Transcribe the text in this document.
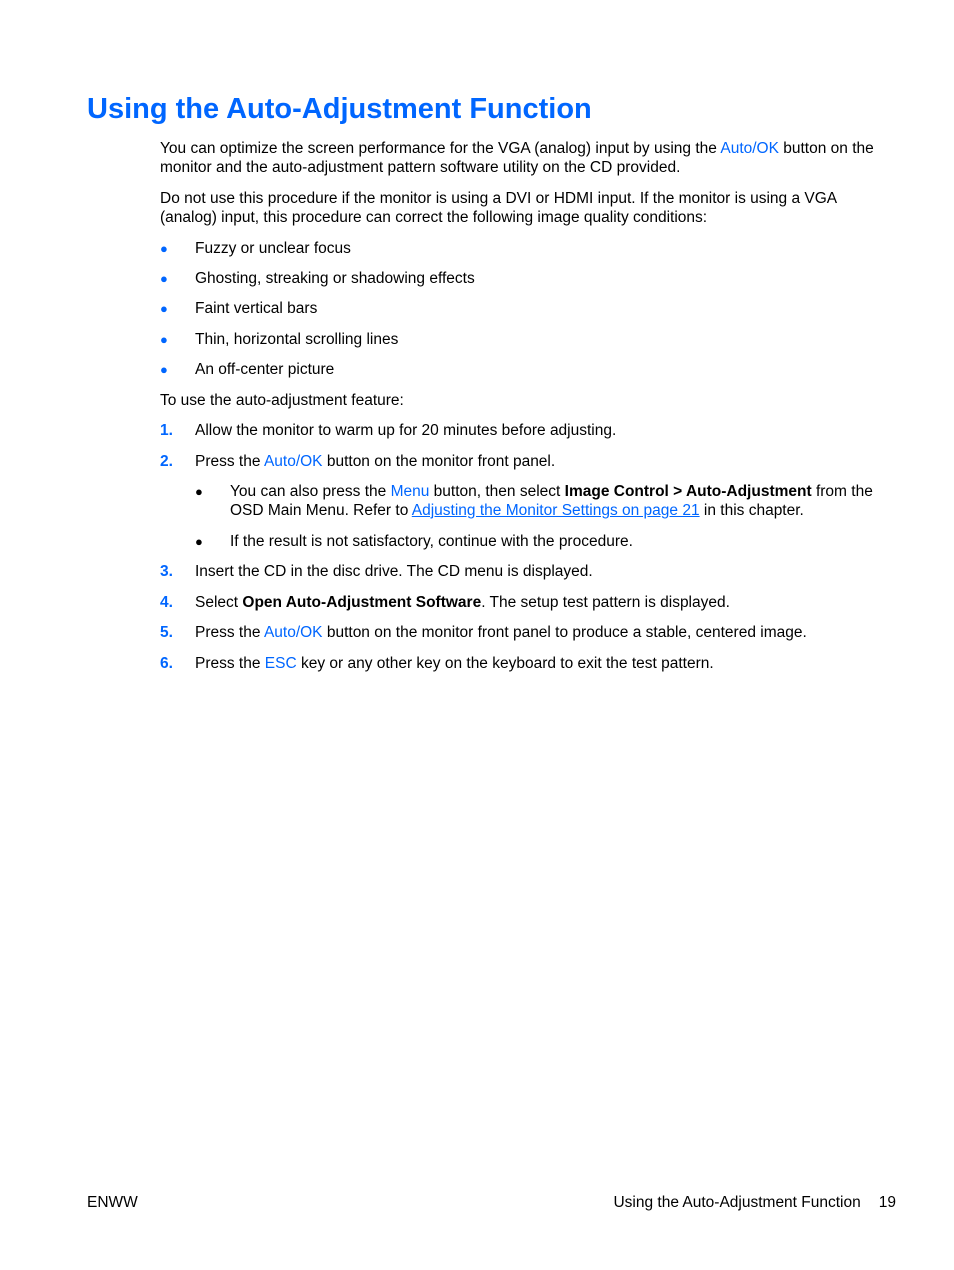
Using the Auto-Adjustment Function

You can optimize the screen performance for the VGA (analog) input by using the Auto/OK button on the monitor and the auto-adjustment pattern software utility on the CD provided.

Do not use this procedure if the monitor is using a DVI or HDMI input. If the monitor is using a VGA (analog) input, this procedure can correct the following image quality conditions:

● Fuzzy or unclear focus
● Ghosting, streaking or shadowing effects
● Faint vertical bars
● Thin, horizontal scrolling lines
● An off-center picture

To use the auto-adjustment feature:

1. Allow the monitor to warm up for 20 minutes before adjusting.
2. Press the Auto/OK button on the monitor front panel.
● You can also press the Menu button, then select Image Control > Auto-Adjustment from the OSD Main Menu. Refer to Adjusting the Monitor Settings on page 21 in this chapter.
● If the result is not satisfactory, continue with the procedure.
3. Insert the CD in the disc drive. The CD menu is displayed.
4. Select Open Auto-Adjustment Software. The setup test pattern is displayed.
5. Press the Auto/OK button on the monitor front panel to produce a stable, centered image.
6. Press the ESC key or any other key on the keyboard to exit the test pattern.
ENWW	Using the Auto-Adjustment Function 19
